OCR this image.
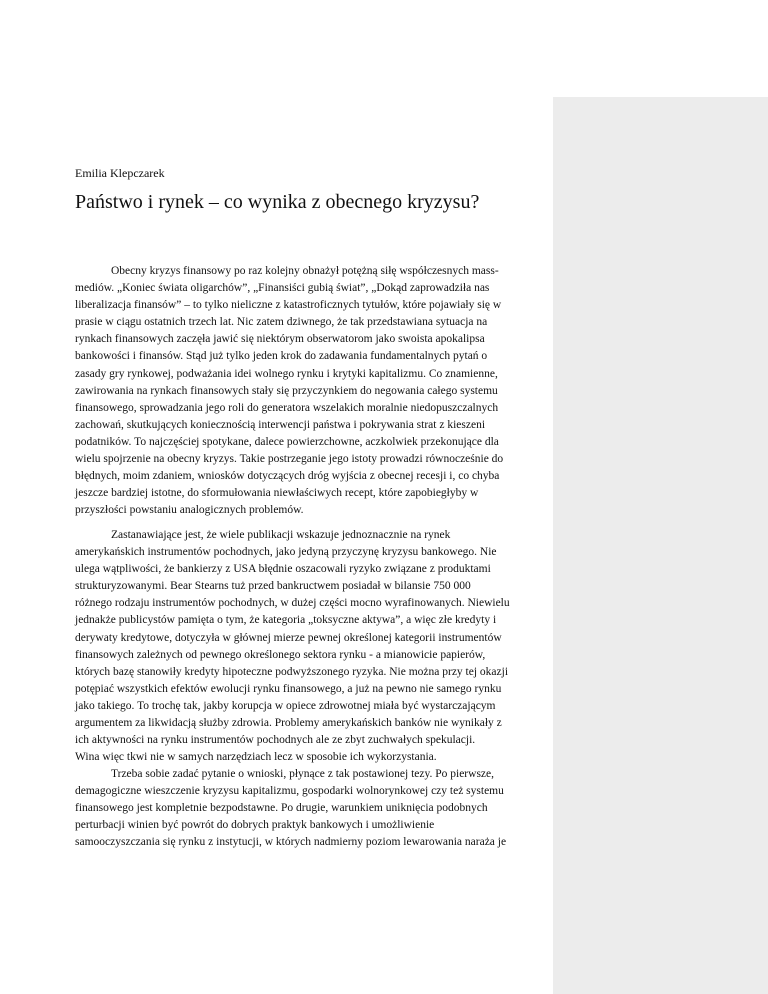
Emilia Klepczarek
Państwo i rynek – co wynika z obecnego kryzysu?
Obecny kryzys finansowy po raz kolejny obnażył potężną siłę współczesnych mass-
mediów. „Koniec świata oligarchów”, „Finansiści gubią świat”, „Dokąd zaprowadziła nas
liberalizacja finansów” – to tylko nieliczne z katastroficznych tytułów, które pojawiały się w
prasie w ciągu ostatnich trzech lat. Nic zatem dziwnego, że tak przedstawiana sytuacja na
rynkach finansowych zaczęła jawić się niektórym obserwatorom jako swoista apokalipsa
bankowości i finansów. Stąd już tylko jeden krok do zadawania fundamentalnych pytań o
zasady gry rynkowej, podważania idei wolnego rynku i krytyki kapitalizmu. Co znamienne,
zawirowania na rynkach finansowych stały się przyczynkiem do negowania całego systemu
finansowego, sprowadzania jego roli do generatora wszelakich moralnie niedopuszczalnych
zachowań, skutkujących koniecznością interwencji państwa i pokrywania strat z kieszeni
podatników. To najczęściej spotykane, dalece powierzchowne, aczkolwiek przekonujące dla
wielu spojrzenie na obecny kryzys. Takie postrzeganie jego istoty prowadzi równocześnie do
błędnych, moim zdaniem, wniosków dotyczących dróg wyjścia z obecnej recesji i, co chyba
jeszcze bardziej istotne, do sformułowania niewłaściwych recept, które zapobiegłyby w
przyszłości powstaniu analogicznych problemów.
Zastanawiające jest, że wiele publikacji wskazuje jednoznacznie na rynek
amerykańskich instrumentów pochodnych, jako jedyną przyczynę kryzysu bankowego. Nie
ulega wątpliwości, że bankierzy z USA błędnie oszacowali ryzyko związane z produktami
strukturyzowanymi. Bear Stearns tuż przed bankructwem posiadał w bilansie 750 000
różnego rodzaju instrumentów pochodnych, w dużej części mocno wyrafinowanych. Niewielu
jednakże publicystów pamięta o tym, że kategoria „toksyczne aktywa”, a więc złe kredyty i
derywaty kredytowe, dotyczyła w głównej mierze pewnej określonej kategorii instrumentów
finansowych zależnych od pewnego określonego sektora rynku - a mianowicie papierów,
których bazę stanowiły kredyty hipoteczne podwyższonego ryzyka. Nie można przy tej okazji
potępiać wszystkich efektów ewolucji rynku finansowego, a już na pewno nie samego rynku
jako takiego. To trochę tak, jakby korupcja w opiece zdrowotnej miała być wystarczającym
argumentem za likwidacją służby zdrowia. Problemy amerykańskich banków nie wynikały z
ich aktywności na rynku instrumentów pochodnych ale ze zbyt zuchwałych spekulacji.
Wina więc tkwi nie w samych narzędziach lecz w sposobie ich wykorzystania.
Trzeba sobie zadać pytanie o wnioski, płynące z tak postawionej tezy. Po pierwsze,
demagogiczne wieszczenie kryzysu kapitalizmu, gospodarki wolnorynkowej czy też systemu
finansowego jest kompletnie bezpodstawne. Po drugie, warunkiem uniknięcia podobnych
perturbacji winien być powrót do dobrych praktyk bankowych i umożliwienie
samooczyszczania się rynku z instytucji, w których nadmierny poziom lewarowania naraża je
